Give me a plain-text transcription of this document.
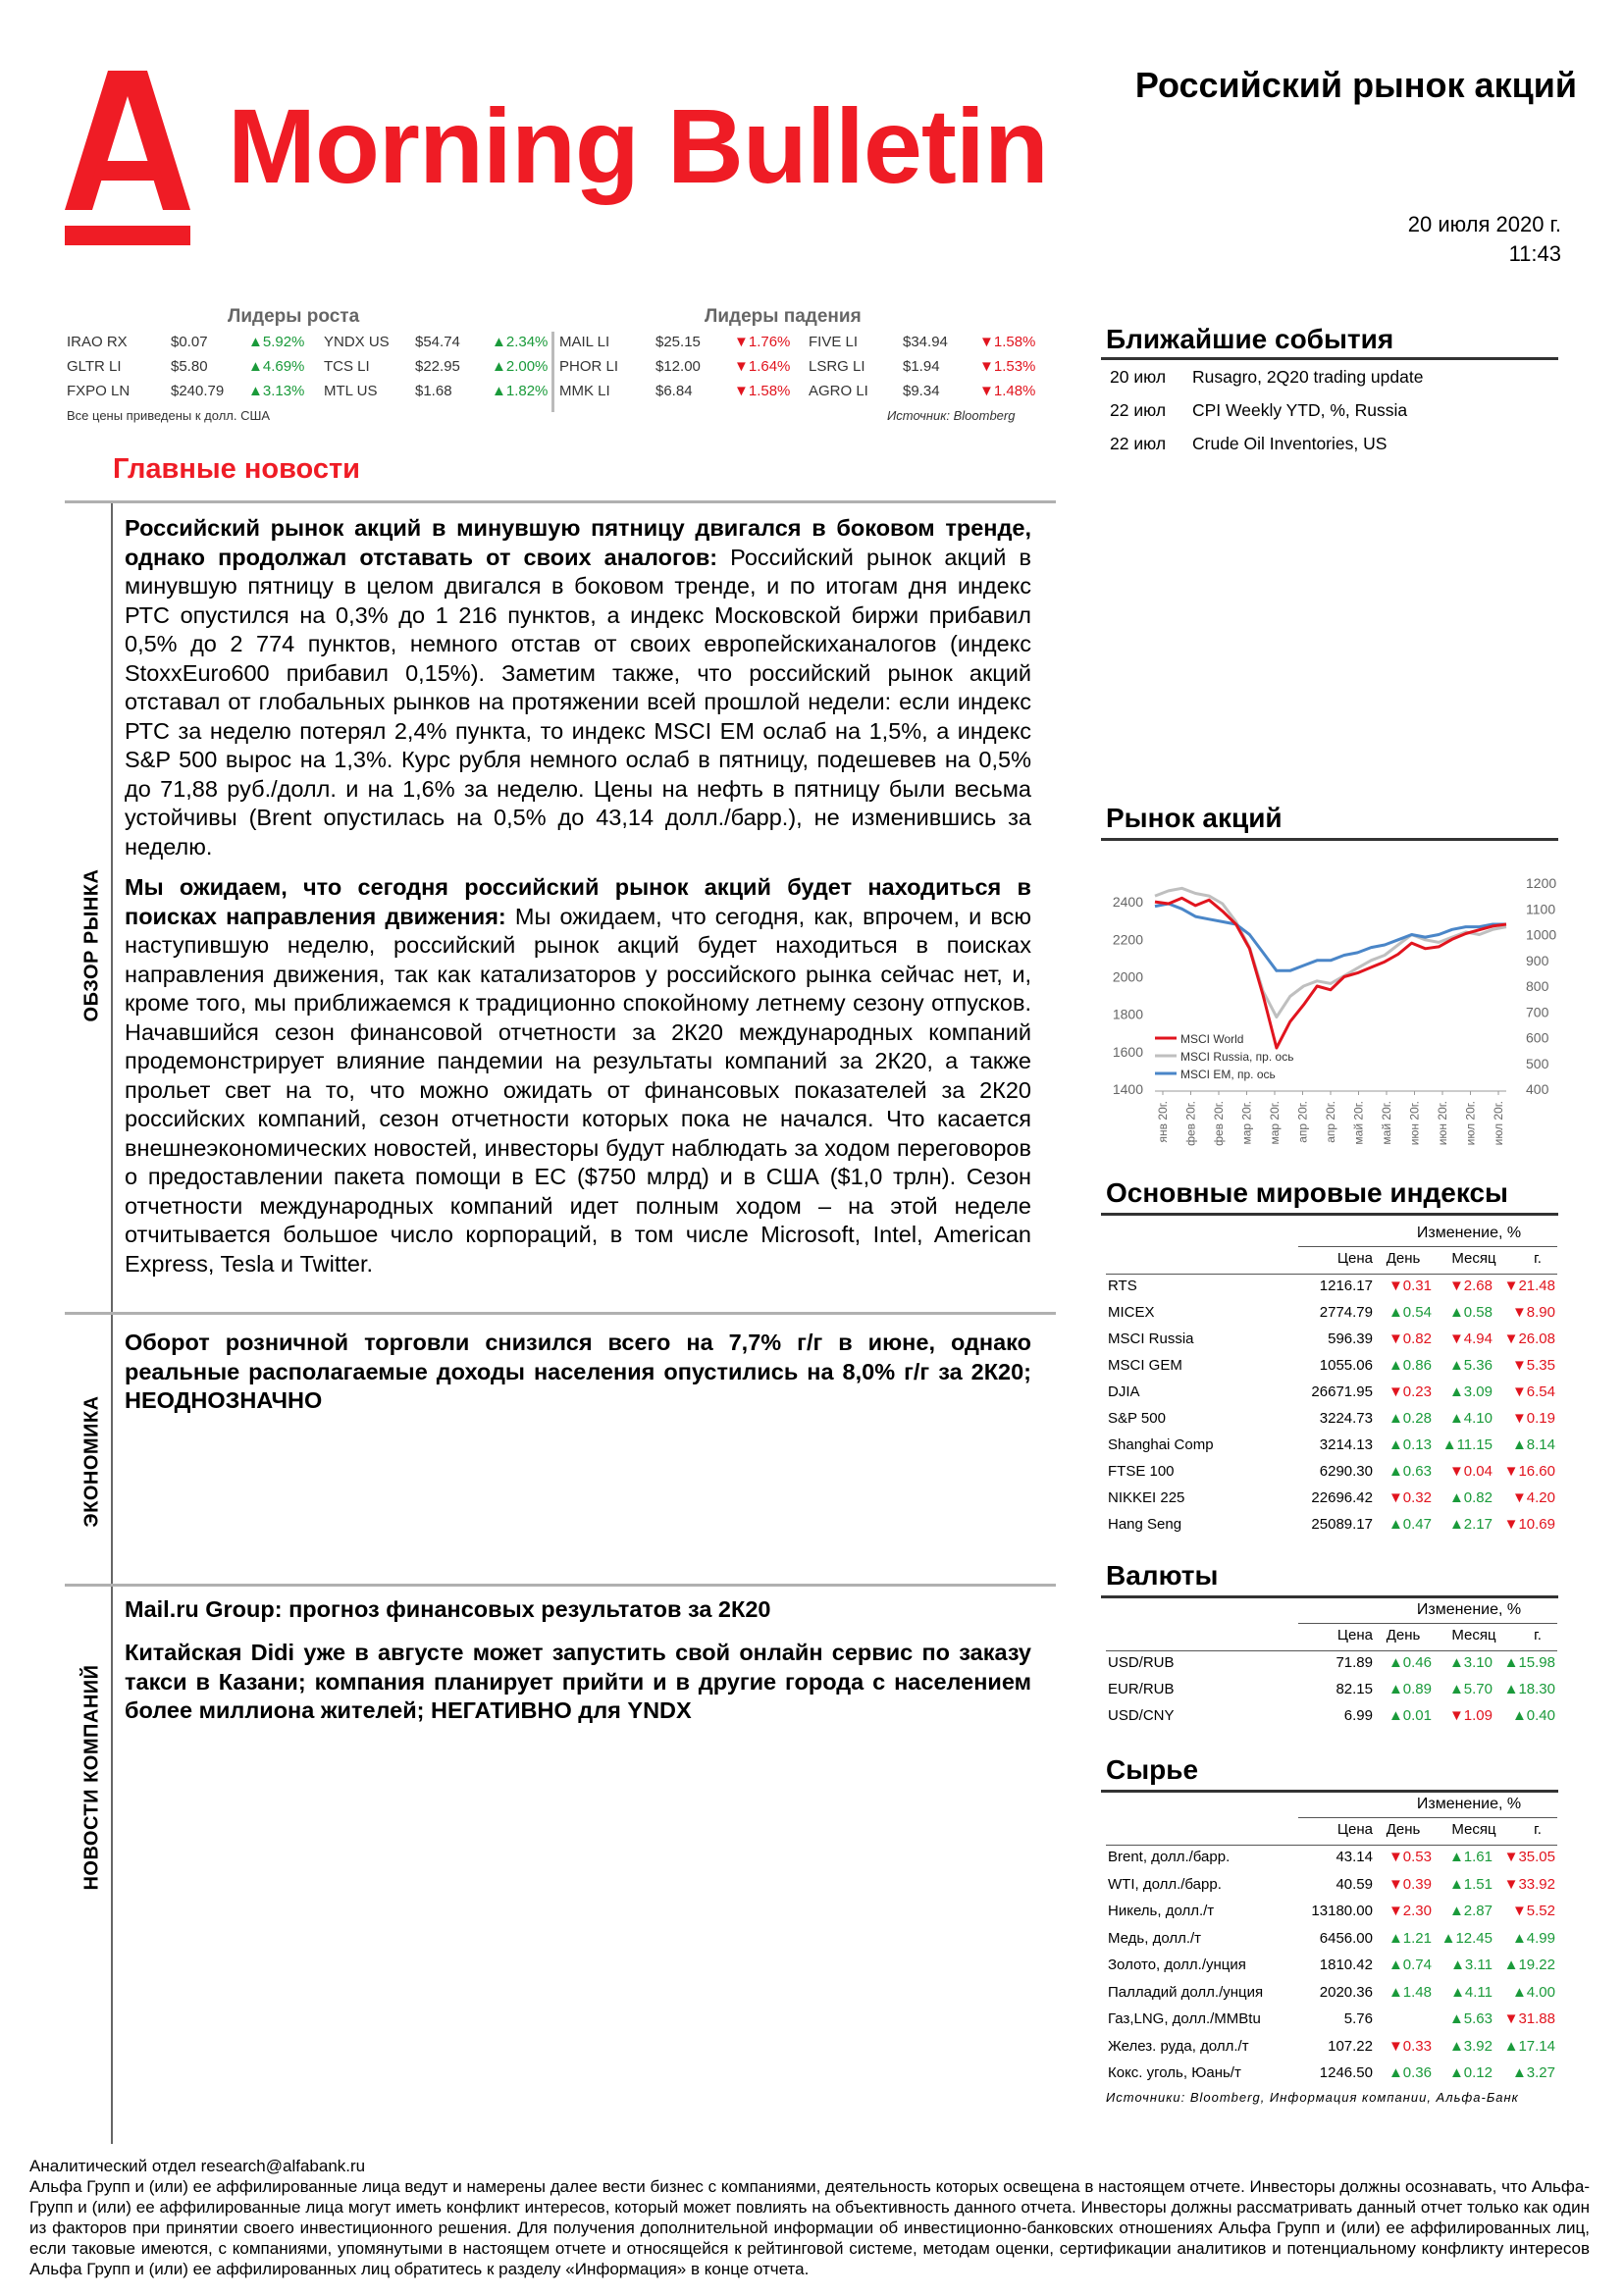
Morning Bulletin
Российский рынок акций
20 июля 2020 г.
11:43
Лидеры роста	Лидеры падения
IRAO RX	$0.07	▲5.92% YNDX US $54.74 ▲2.34% MAIL LI	$25.15 ▼1.76% FIVE LI	$34.94 ▼1.58%
GLTR LI	$5.80	▲4.69% TCS LI	$22.95 ▲2.00% PHOR LI	$12.00 ▼1.64% LSRG LI	$1.94	▼1.53%
FXPO LN	$240.79 ▲3.13% MTL US	$1.68	▲1.82% MMK LI	$6.84	▼1.58% AGRO LI $9.34	▼1.48%
Все цены приведены к долл. США	Источник: Bloomberg
Главные новости
ОБЗОР РЫНКА
Российский рынок акций в минувшую пятницу двигался в боковом тренде, однако продолжал отставать от своих аналогов: Российский рынок акций в минувшую пятницу в целом двигался в боковом тренде, и по итогам дня индекс РТС опустился на 0,3% до 1 216 пунктов, а индекс Московской биржи прибавил 0,5% до 2 774 пунктов, немного отстав от своих европейскиханалогов (индекс StoxxEuro600 прибавил 0,15%). Заметим также, что российский рынок акций отставал от глобальных рынков на протяжении всей прошлой недели: если индекс РТС за неделю потерял 2,4% пункта, то индекс MSCI EM ослаб на 1,5%, а индекс S&P 500 вырос на 1,3%. Курс рубля немного ослаб в пятницу, подешевев на 0,5% до 71,88 руб./долл. и на 1,6% за неделю. Цены на нефть в пятницу были весьма устойчивы (Brent опустилась на 0,5% до 43,14 долл./барр.), не изменившись за неделю.
Мы ожидаем, что сегодня российский рынок акций будет находиться в поисках направления движения: Мы ожидаем, что сегодня, как, впрочем, и всю наступившую неделю, российский рынок акций будет находиться в поисках направления движения, так как катализаторов у российского рынка сейчас нет, и, кроме того, мы приближаемся к традиционно спокойному летнему сезону отпусков. Начавшийся сезон финансовой отчетности за 2К20 международных компаний продемонстрирует влияние пандемии на результаты компаний за 2К20, а также прольет свет на то, что можно ожидать от финансовых показателей за 2К20 российских компаний, сезон отчетности которых пока не начался. Что касается внешнеэкономических новостей, инвесторы будут наблюдать за ходом переговоров о предоставлении пакета помощи в ЕС ($750 млрд) и в США ($1,0 трлн). Сезон отчетности международных компаний идет полным ходом – на этой неделе отчитывается большое число корпораций, в том числе Microsoft, Intel, American Express, Tesla и Twitter.
ЭКОНОМИКА
Оборот розничной торговли снизился всего на 7,7% г/г в июне, однако реальные располагаемые доходы населения опустились на 8,0% г/г за 2К20; НЕОДНОЗНАЧНО
НОВОСТИ КОМПАНИЙ
Mail.ru Group: прогноз финансовых результатов за 2К20
Китайская Didi уже в августе может запустить свой онлайн сервис по заказу такси в Казани; компания планирует прийти и в другие города с населением более миллиона жителей; НЕГАТИВНО для YNDX
Ближайшие события
20 июл Rusagro, 2Q20 trading update
22 июл CPI Weekly YTD, %, Russia
22 июл Crude Oil Inventories, US
Рынок акций
2400
2200
2000
1800
1600
1400
1200
1100
1000
900
800
700
600
500
400
янв 20г. фев 20г. фев 20г. мар 20г. мар 20г. апр 20г. апр 20г. май 20г. май 20г. июн 20г. июн 20г. июл 20г. июл 20г.
MSCI World
MSCI Russia, пр. ось
MSCI EM, пр. ось
Основные мировые индексы
Изменение, %
Цена День	Месяц	г.
RTS	1216.17 ▼0.31 ▼2.68 ▼21.48
MICEX	2774.79 ▲0.54 ▲0.58 ▼8.90
MSCI Russia	596.39 ▼0.82 ▼4.94 ▼26.08
MSCI GEM	1055.06 ▲0.86 ▲5.36 ▼5.35
DJIA	26671.95 ▼0.23 ▲3.09 ▼6.54
S&P 500	3224.73 ▲0.28 ▲4.10 ▼0.19
Shanghai Comp	3214.13 ▲0.13 ▲11.15 ▲8.14
FTSE 100	6290.30 ▲0.63 ▼0.04 ▼16.60
NIKKEI 225	22696.42 ▼0.32 ▲0.82 ▼4.20
Hang Seng	25089.17 ▲0.47 ▲2.17 ▼10.69
Валюты
Изменение, %
Цена День	Месяц	г.
USD/RUB	71.89 ▲0.46 ▲3.10 ▲15.98
EUR/RUB	82.15 ▲0.89 ▲5.70 ▲18.30
USD/CNY	6.99 ▲0.01 ▼1.09 ▲0.40
Сырье
Изменение, %
Цена День	Месяц	г.
Brent, долл./барр.	43.14 ▼0.53 ▲1.61 ▼35.05
WTI, долл./барр.	40.59 ▼0.39 ▲1.51 ▼33.92
Никель, долл./т	13180.00 ▼2.30 ▲2.87 ▼5.52
Медь, долл./т	6456.00 ▲1.21 ▲12.45 ▲4.99
Золото, долл./унция	1810.42 ▲0.74 ▲3.11 ▲19.22
Палладий долл./унция	2020.36 ▲1.48 ▲4.11 ▲4.00
Газ,LNG, долл./MMBtu	5.76	▲5.63 ▼31.88
Желез. руда, долл./т	107.22 ▼0.33 ▲3.92 ▲17.14
Кокс. уголь, Юань/т	1246.50 ▲0.36 ▲0.12 ▲3.27
Источники: Bloomberg, Информация компании, Альфа-Банк
Аналитический отдел research@alfabank.ru
Альфа Групп и (или) ее аффилированные лица ведут и намерены далее вести бизнес с компаниями, деятельность которых освещена в настоящем отчете. Инвесторы должны осознавать, что Альфа-Групп и (или) ее аффилированные лица могут иметь конфликт интересов, который может повлиять на объективность данного отчета. Инвесторы должны рассматривать данный отчет только как один из факторов при принятии своего инвестиционного решения. Для получения дополнительной информации об инвестиционно-банковских отношениях Альфа Групп и (или) ее аффилированных лиц, если таковые имеются, с компаниями, упомянутыми в настоящем отчете и относящейся к рейтинговой системе, методам оценки, сертификации аналитиков и потенциальному конфликту интересов Альфа Групп и (или) ее аффилированных лиц обратитесь к разделу «Информация» в конце отчета.
